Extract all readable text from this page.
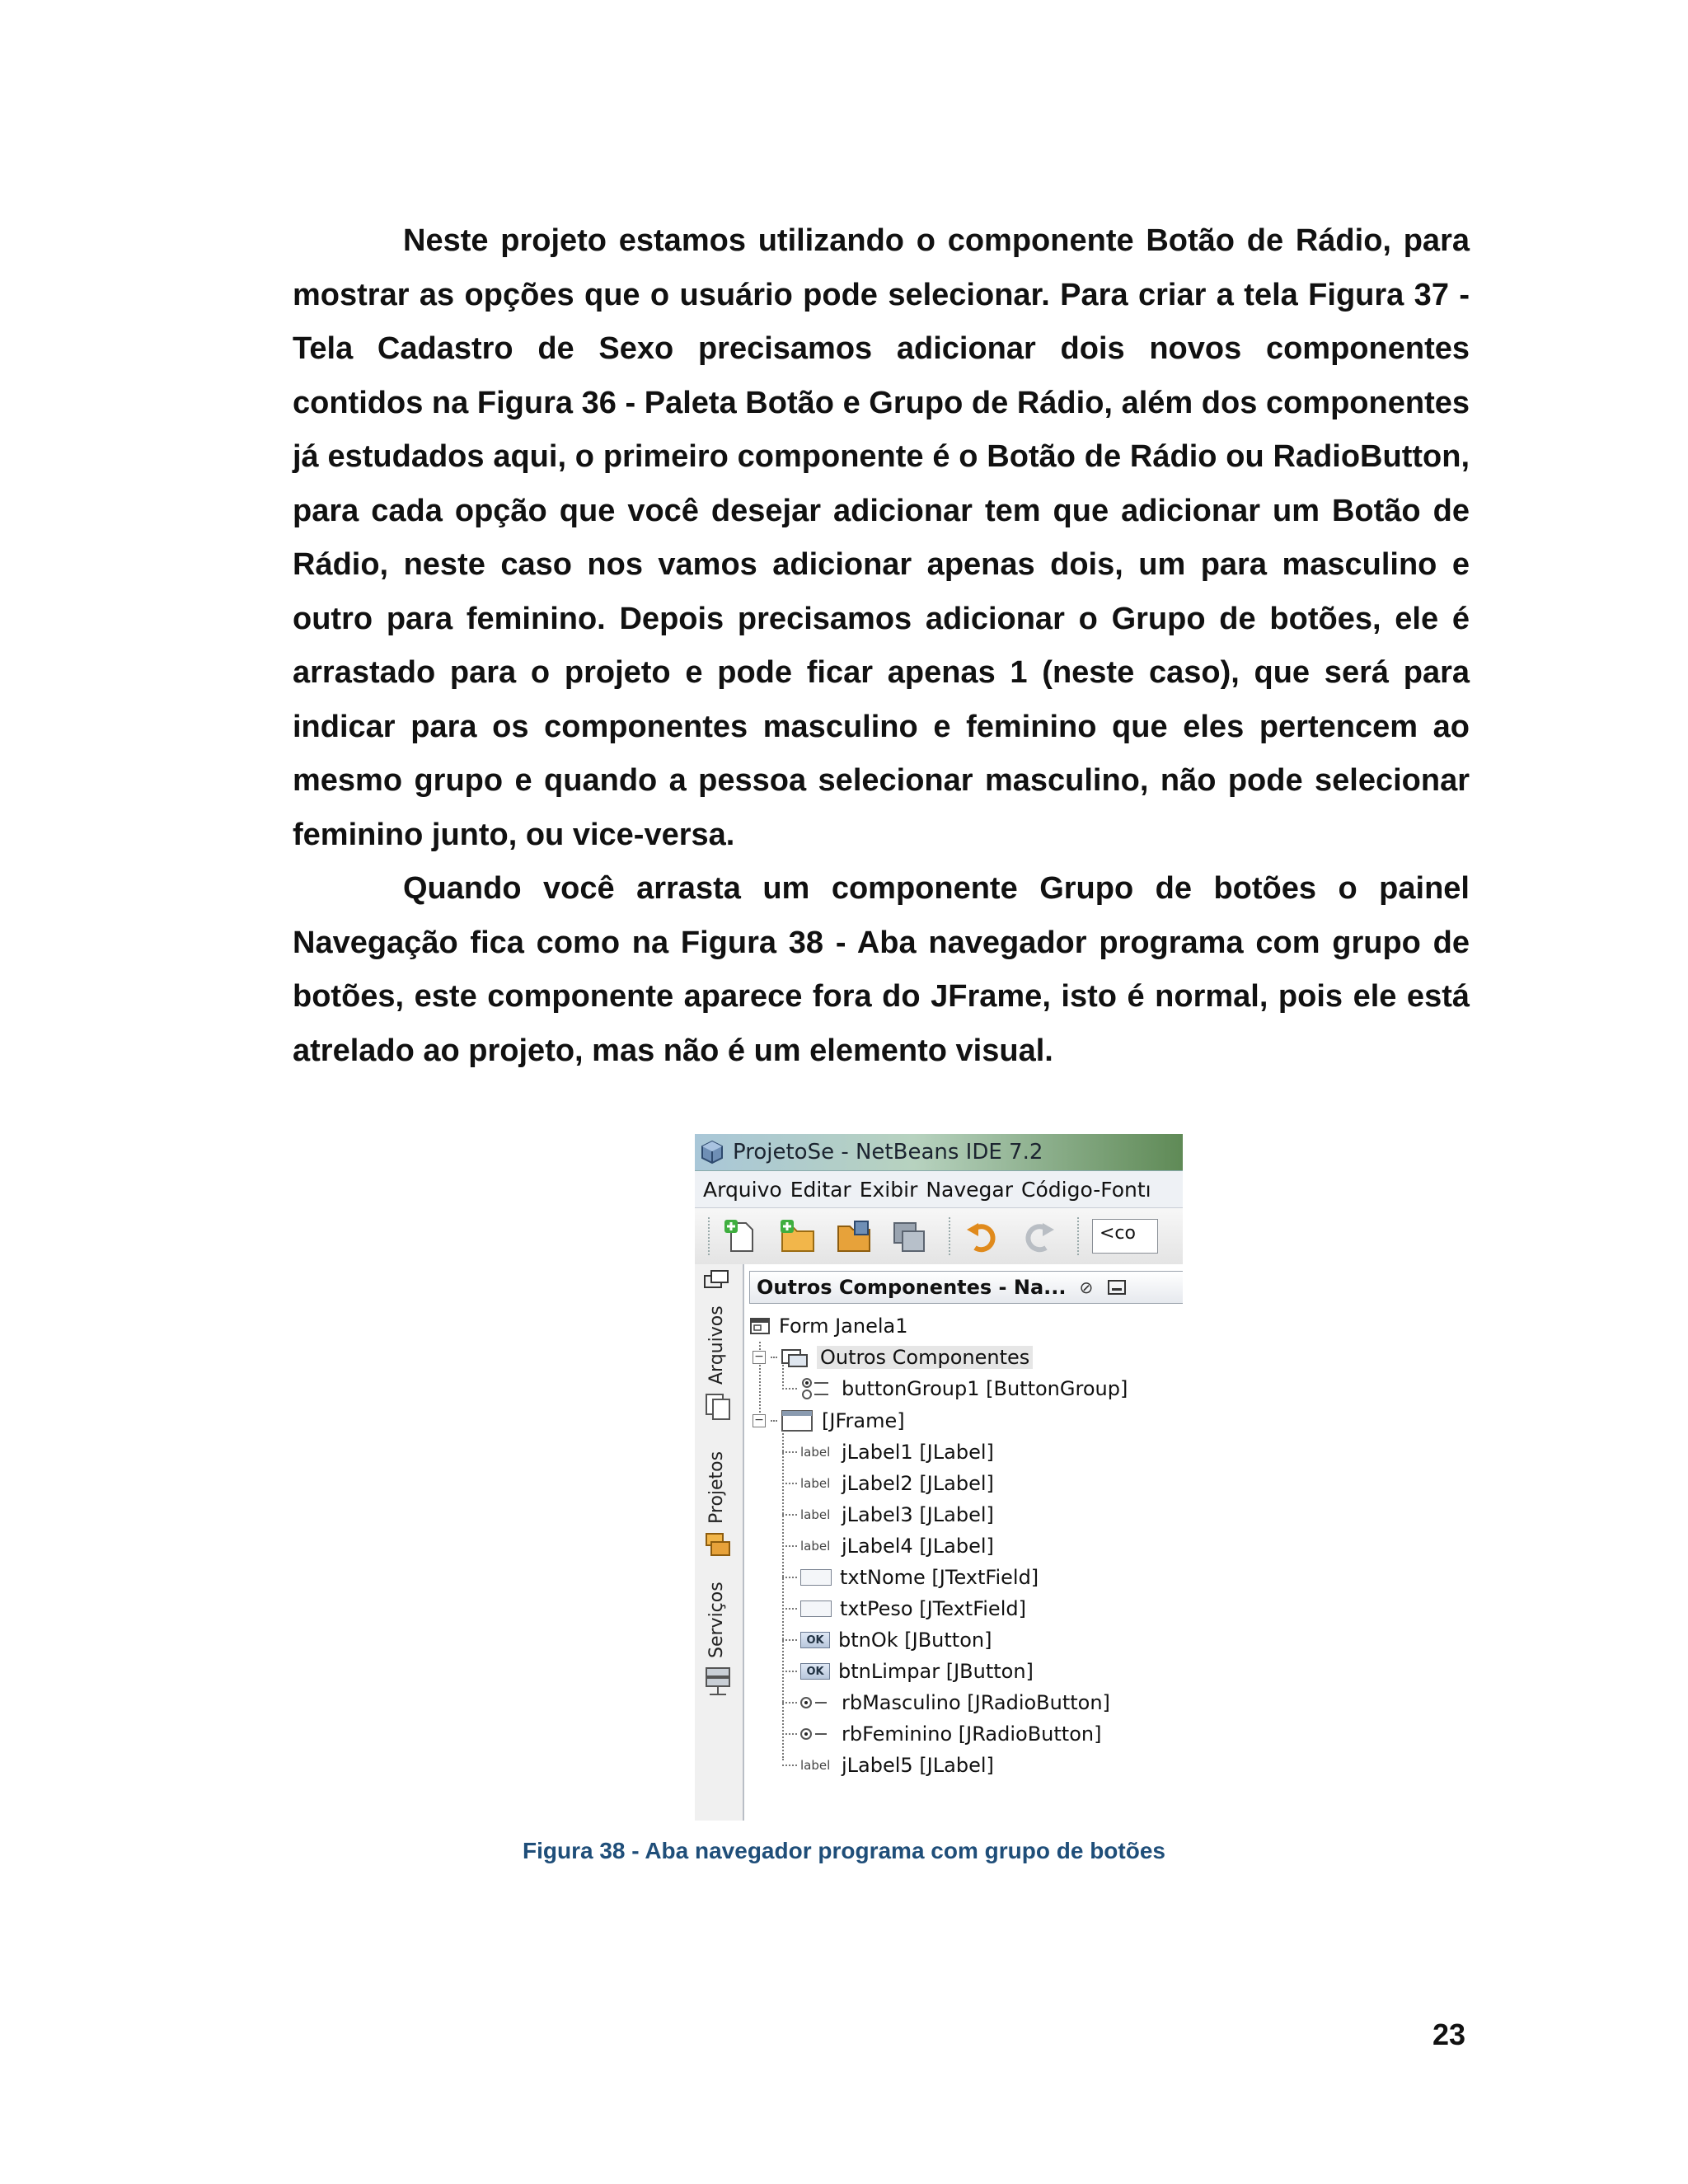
Neste projeto estamos utilizando o componente Botão de Rádio, para mostrar as opções que o usuário pode selecionar. Para criar a tela Figura 37 - Tela Cadastro de Sexo precisamos adicionar dois novos componentes contidos na Figura 36 - Paleta Botão e Grupo de Rádio, além dos componentes já estudados aqui, o primeiro componente é o Botão de Rádio ou RadioButton, para cada opção que você desejar adicionar tem que adicionar um Botão de Rádio, neste caso nos vamos adicionar apenas dois, um para masculino e outro para feminino. Depois precisamos adicionar o Grupo de botões, ele é arrastado para o projeto e pode ficar apenas 1 (neste caso), que será para indicar para os componentes masculino e feminino que eles pertencem ao mesmo grupo e quando a pessoa selecionar masculino, não pode selecionar feminino junto, ou vice-versa.

Quando você arrasta um componente Grupo de botões o painel Navegação fica como na Figura 38 - Aba navegador programa com grupo de botões, este componente aparece fora do JFrame, isto é normal, pois ele está atrelado ao projeto, mas não é um elemento visual.

ProjetoSe - NetBeans IDE 7.2
Arquivo Editar Exibir Navegar Código-Fontı
<co
Arquivos
Projetos
Serviços
Outros Componentes - Na... ⊘
Form Janela1
−	Outros Componentes
buttonGroup1 [ButtonGroup]
−	[JFrame]
label jLabel1 [JLabel]
label jLabel2 [JLabel]
label jLabel3 [JLabel]
label jLabel4 [JLabel]
txtNome [JTextField]
txtPeso [JTextField]
OK btnOk [JButton]
OK btnLimpar [JButton]
rbMasculino [JRadioButton]
rbFeminino [JRadioButton]
label jLabel5 [JLabel]
Figura 38 - Aba navegador programa com grupo de botões
23
